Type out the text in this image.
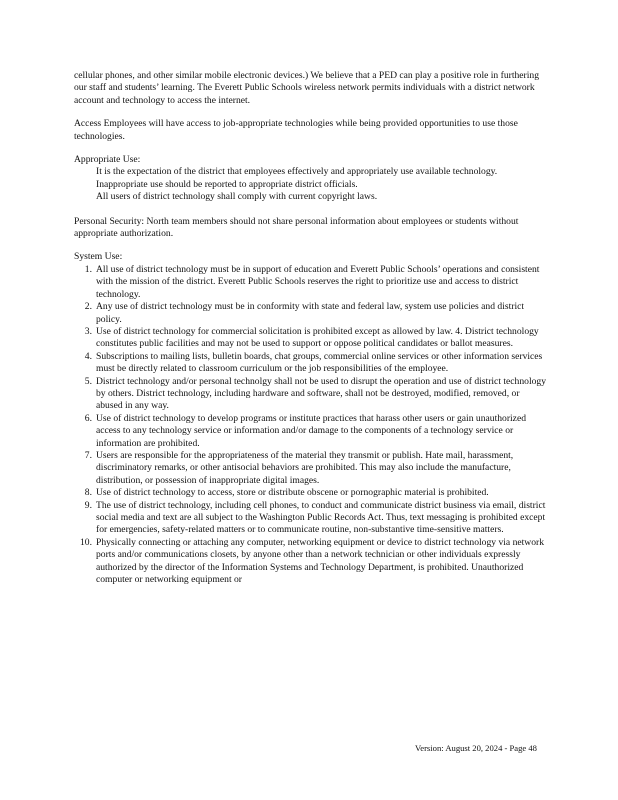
cellular phones, and other similar mobile electronic devices.) We believe that a PED can play a positive role in furthering our staff and students’ learning. The Everett Public Schools wireless network permits individuals with a district network account and technology to access the internet.

Access Employees will have access to job-appropriate technologies while being provided opportunities to use those technologies.

Appropriate Use:

It is the expectation of the district that employees effectively and appropriately use available technology.
Inappropriate use should be reported to appropriate district officials.
All users of district technology shall comply with current copyright laws.

Personal Security: North team members should not share personal information about employees or students without appropriate authorization.

System Use:

1. All use of district technology must be in support of education and Everett Public Schools’ operations and consistent with the mission of the district. Everett Public Schools reserves the right to prioritize use and access to district technology.
2. Any use of district technology must be in conformity with state and federal law, system use policies and district policy.
3. Use of district technology for commercial solicitation is prohibited except as allowed by law. 4. District technology constitutes public facilities and may not be used to support or oppose political candidates or ballot measures.
4. Subscriptions to mailing lists, bulletin boards, chat groups, commercial online services or other information services must be directly related to classroom curriculum or the job responsibilities of the employee.
5. District technology and/or personal technolgy shall not be used to disrupt the operation and use of district technology by others. District technology, including hardware and software, shall not be destroyed, modified, removed, or abused in any way.
6. Use of district technology to develop programs or institute practices that harass other users or gain unauthorized access to any technology service or information and/or damage to the components of a technology service or information are prohibited.
7. Users are responsible for the appropriateness of the material they transmit or publish. Hate mail, harassment, discriminatory remarks, or other antisocial behaviors are prohibited. This may also include the manufacture, distribution, or possession of inappropriate digital images.
8. Use of district technology to access, store or distribute obscene or pornographic material is prohibited.
9. The use of district technology, including cell phones, to conduct and communicate district business via email, district social media and text are all subject to the Washington Public Records Act. Thus, text messaging is prohibited except for emergencies, safety-related matters or to communicate routine, non-substantive time-sensitive matters.
10. Physically connecting or attaching any computer, networking equipment or device to district technology via network ports and/or communications closets, by anyone other than a network technician or other individuals expressly authorized by the director of the Information Systems and Technology Department, is prohibited. Unauthorized computer or networking equipment or
Version: August 20, 2024 - Page 48
